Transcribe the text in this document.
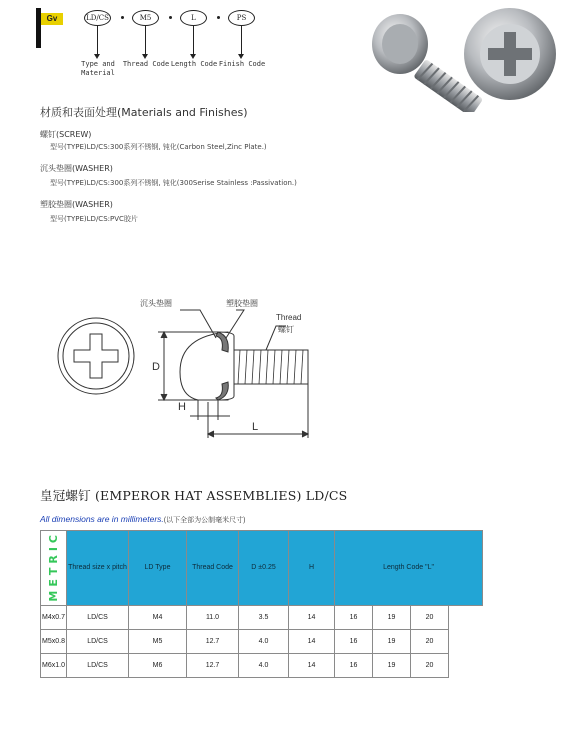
Gv	LD/CS	M5	L	PS
Type and Material
Thread Code Length Code Finish Code
材质和表面处理(Materials and Finishes)
螺钉(SCREW)
型号(TYPE)LD/CS:300系列不锈钢, 钝化(Carbon Steel,Zinc Plate.)
沉头垫圈(WASHER)
型号(TYPE)LD/CS:300系列不锈钢, 钝化(300Serise Stainless :Passivation.)
塑胶垫圈(WASHER)
型号(TYPE)LD/CS:PVC胶片
沉头垫圈	塑胶垫圈
Thread
螺钉
D
H
L
皇冠螺钉 (EMPEROR HAT ASSEMBLIES) LD/CS
All dimensions are in millimeters.(以下全部为公制毫米尺寸)
METRIC	Thread size x pitch	LD Type	Thread Code	D ±0.25	H	Length Code "L"		
M4x0.7	LD/CS	M4	11.0	3.5	14	16	19	20
M5x0.8	LD/CS	M5	12.7	4.0	14	16	19	20
M6x1.0	LD/CS	M6	12.7	4.0	14	16	19	20
